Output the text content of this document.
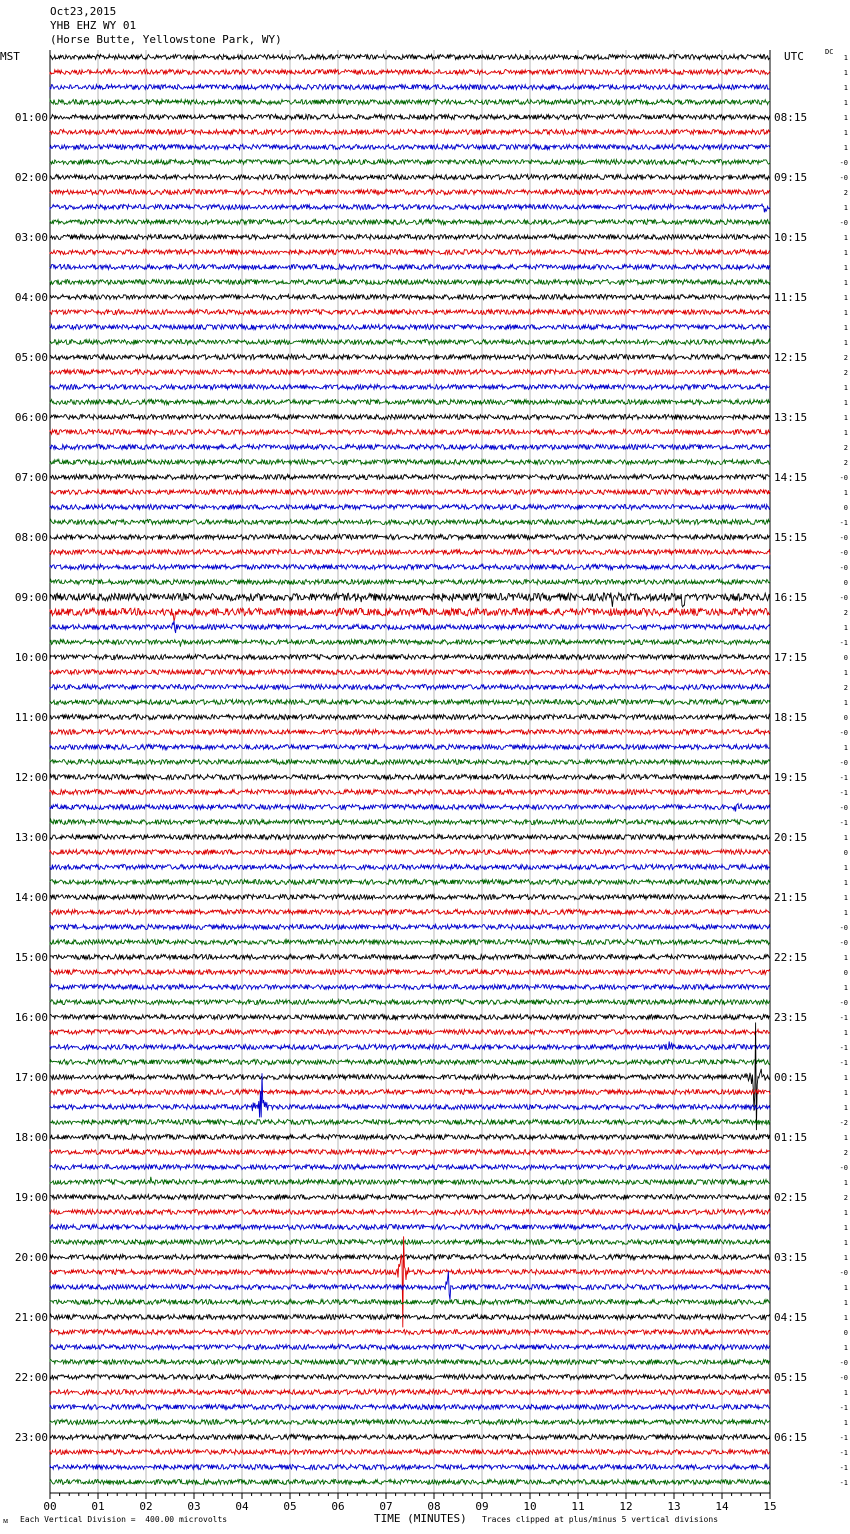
Oct23,2015
YHB EHZ WY 01
(Horse Butte, Yellowstone Park, WY)
00	01	02	03	04	05	06	07	08	09	10	11	12	13	14	15
1
1
1
1
1
1
1
-0
-0
2
1
-0
1
1
1
1
1
1
1
1
2
2
1
1
1
1
2
2
-0
1
0
-1
-0
-0
-0
0
-0
2
1
-1
0
1
2
1
0
-0
1
-0
-1
-1
-0
-1
1
0
1
1
1
1
-0
-0
1
0
1
-0
-1
1
-1
-1
1
1
1
-2
1
2
-0
1
2
1
1
1
1
-0
1
1
1
0
1
-0
-0
1
-1
1
-1
-1
-1
-1
01:00
02:00
03:00
04:00
05:00
06:00
07:00
08:00
09:00
10:00
11:00
12:00
13:00
14:00
15:00
16:00
17:00
18:00
19:00
20:00
21:00
22:00
23:00
08:15
09:15
10:15
11:15
12:15
13:15
14:15
15:15
16:15
17:15
18:15
19:15
20:15
21:15
22:15
23:15
00:15
01:15
02:15
03:15
04:15
05:15
06:15
MST	UTC	DC
ᴍ Each Vertical Division =  400.00 microvolts	TIME (MINUTES) Traces clipped at plus/minus 5 vertical divisions
